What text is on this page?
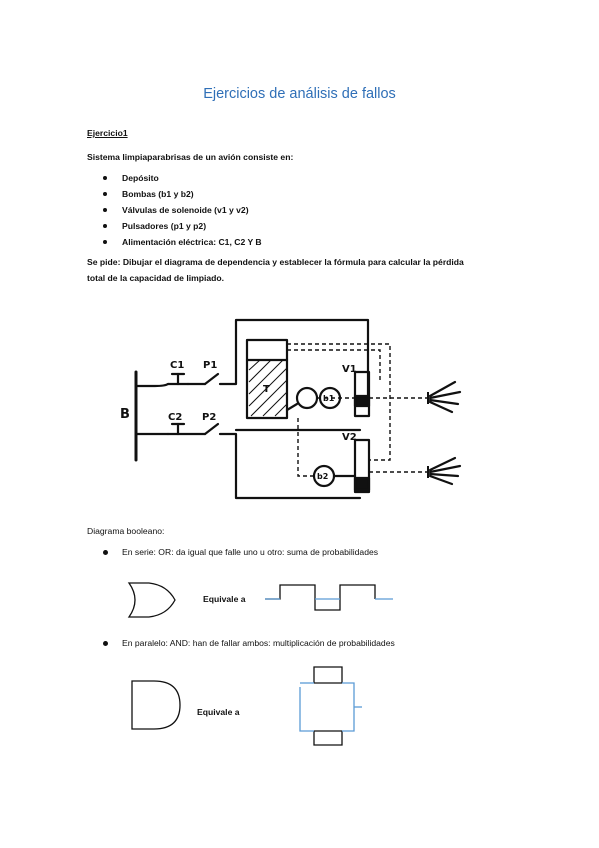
Ejercicios de análisis de fallos
Ejercicio1
Sistema limpiaparabrisas de un avión consiste en:
Depósito
Bombas (b1 y b2)
Válvulas de solenoide (v1 y v2)
Pulsadores (p1 y p2)
Alimentación eléctrica: C1, C2 Y B
Se pide: Dibujar el diagrama de dependencia y establecer la fórmula para calcular la pérdida
total de la capacidad de limpiado.
C1 P1
C2 P2
B
T
b1
b2
V1
V2
Diagrama booleano:
En serie: OR: da igual que falle uno u otro: suma de probabilidades
Equivale a
En paralelo: AND: han de fallar ambos: multiplicación de probabilidades
Equivale a
